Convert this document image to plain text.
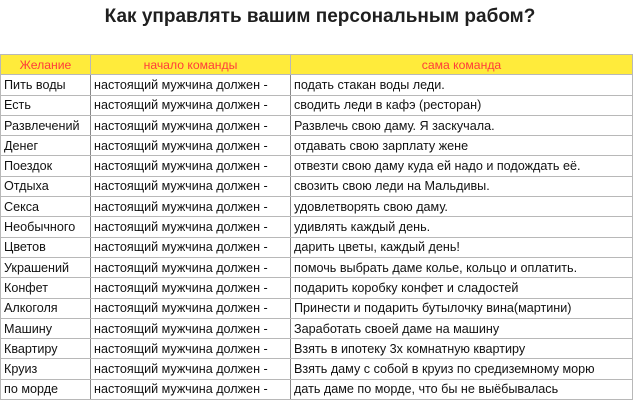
Как управлять вашим персональным рабом?
Желание	начало команды	сама команда
Пить воды	настоящий мужчина должен -	подать стакан воды леди.
Есть	настоящий мужчина должен -	сводить леди в кафэ (ресторан)
Развлечений	настоящий мужчина должен -	Развлечь свою даму. Я заскучала.
Денег	настоящий мужчина должен -	отдавать свою зарплату жене
Поездок	настоящий мужчина должен -	отвезти свою даму куда ей надо и подождать её.
Отдыха	настоящий мужчина должен -	свозить свою леди на Мальдивы.
Секса	настоящий мужчина должен -	удовлетворять свою даму.
Необычного	настоящий мужчина должен -	удивлять каждый день.
Цветов	настоящий мужчина должен -	дарить цветы, каждый день!
Украшений	настоящий мужчина должен -	помочь выбрать даме колье, кольцо и оплатить.
Конфет	настоящий мужчина должен -	подарить коробку конфет и сладостей
Алкоголя	настоящий мужчина должен -	Принести и подарить бутылочку вина(мартини)
Машину	настоящий мужчина должен -	Заработать своей даме на машину
Квартиру	настоящий мужчина должен -	Взять в ипотеку 3х комнатную квартиру
Круиз	настоящий мужчина должен -	Взять даму с собой в круиз по средиземному морю
по морде	настоящий мужчина должен -	дать даме по морде, что бы не выёбывалась
